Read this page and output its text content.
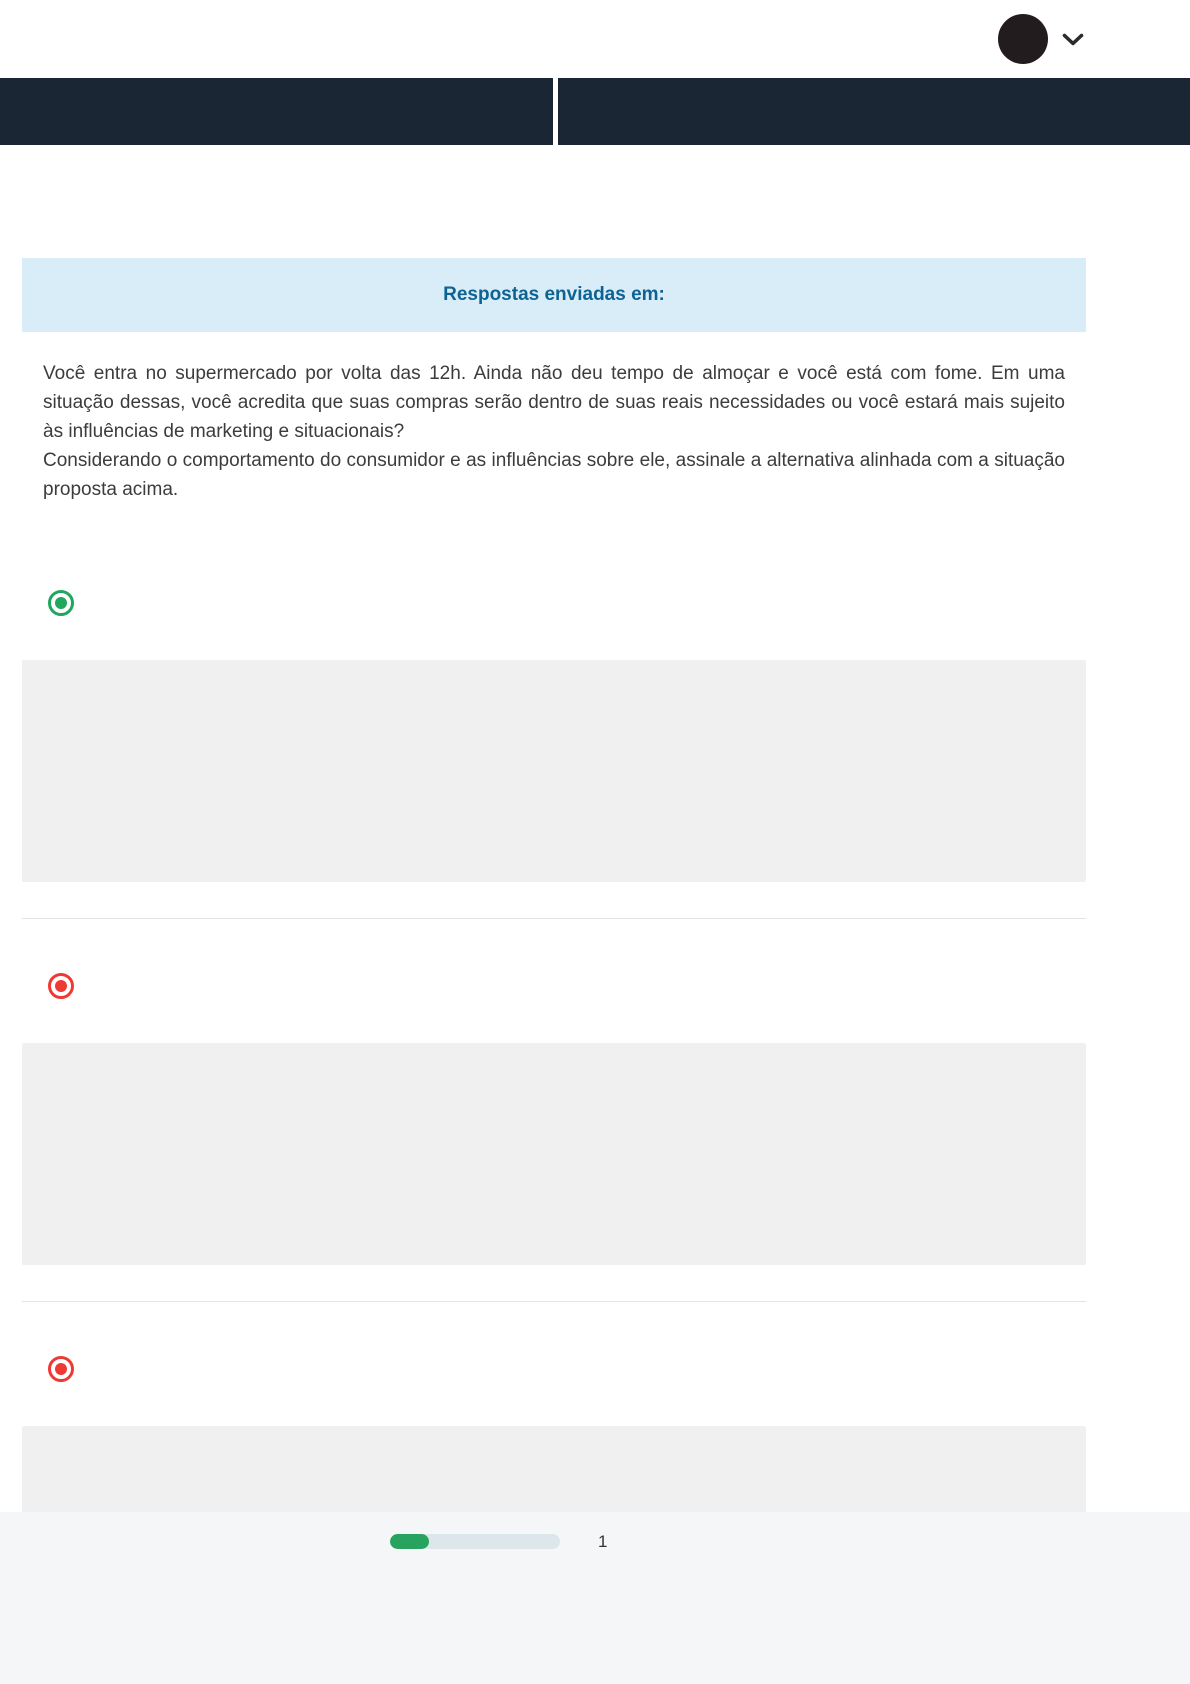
Respostas enviadas em:
Você entra no supermercado por volta das 12h. Ainda não deu tempo de almoçar e você está com fome. Em uma situação dessas, você acredita que suas compras serão dentro de suas reais necessidades ou você estará mais sujeito às influências de marketing e situacionais?
Considerando o comportamento do consumidor e as influências sobre ele, assinale a alternativa alinhada com a situação proposta acima.
1
